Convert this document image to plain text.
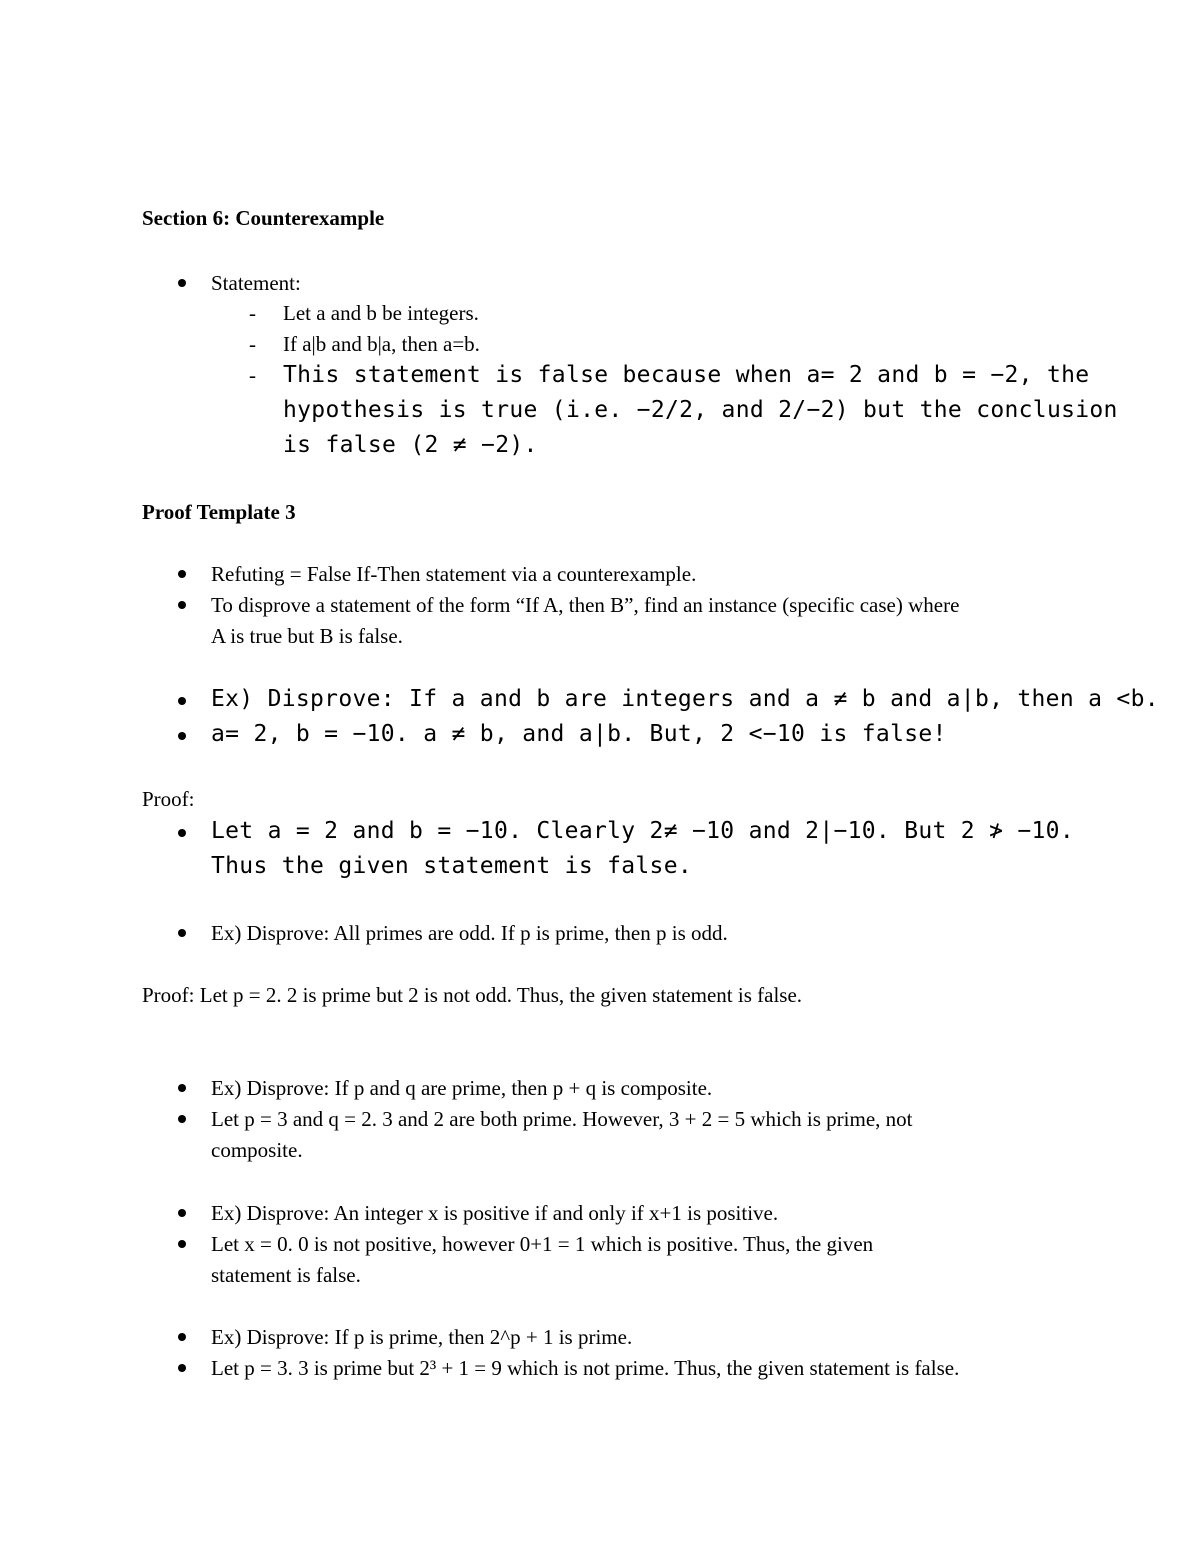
Section 6: Counterexample
Statement:
- Let a and b be integers.
- If a|b and b|a, then a=b.
- This statement is false because when a= 2 and b = −2, the
hypothesis is true (i.e. −2/2, and 2/−2) but the conclusion
is false (2 ≠ −2).
Proof Template 3
Refuting = False If-Then statement via a counterexample.
To disprove a statement of the form “If A, then B”, find an instance (specific case) where
A is true but B is false.
Ex) Disprove: If a and b are integers and a ≠ b and a|b, then a <b.
a= 2, b = −10. a ≠ b, and a|b. But, 2 <−10 is false!
Proof:
Let a = 2 and b = −10. Clearly 2≠ −10 and 2|−10. But 2 ≯ −10.
Thus the given statement is false.
Ex) Disprove: All primes are odd. If p is prime, then p is odd.
Proof: Let p = 2. 2 is prime but 2 is not odd. Thus, the given statement is false.
Ex) Disprove: If p and q are prime, then p + q is composite.
Let p = 3 and q = 2. 3 and 2 are both prime. However, 3 + 2 = 5 which is prime, not
composite.
Ex) Disprove: An integer x is positive if and only if x+1 is positive.
Let x = 0. 0 is not positive, however 0+1 = 1 which is positive. Thus, the given
statement is false.
Ex) Disprove: If p is prime, then 2^p + 1 is prime.
Let p = 3. 3 is prime but 2³ + 1 = 9 which is not prime. Thus, the given statement is false.
